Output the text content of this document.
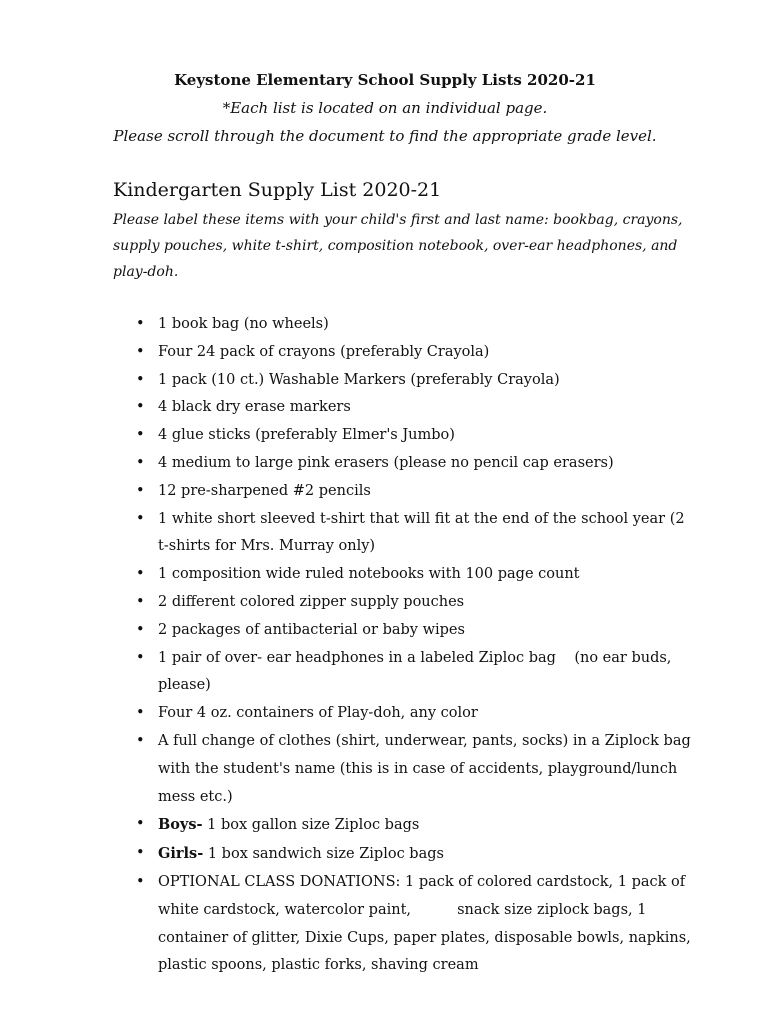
Keystone Elementary School Supply Lists 2020-21
*Each list is located on an individual page.
Please scroll through the document to find the appropriate grade level.
Kindergarten Supply List 2020-21

Please label these items with your child's first and last name: bookbag, crayons, supply pouches, white t-shirt, composition notebook, over-ear headphones, and play-doh.

• 1 book bag (no wheels)
• Four 24 pack of crayons (preferably Crayola)
• 1 pack (10 ct.) Washable Markers (preferably Crayola)
• 4 black dry erase markers
• 4 glue sticks (preferably Elmer's Jumbo)
• 4 medium to large pink erasers (please no pencil cap erasers)
• 12 pre-sharpened #2 pencils
• 1 white short sleeved t-shirt that will fit at the end of the school year (2 t-shirts for Mrs. Murray only)
• 1 composition wide ruled notebooks with 100 page count
• 2 different colored zipper supply pouches
• 2 packages of antibacterial or baby wipes
• 1 pair of over- ear headphones in a labeled Ziploc bag    (no ear buds, please)
• Four 4 oz. containers of Play-doh, any color
• A full change of clothes (shirt, underwear, pants, socks) in a Ziplock bag with the student's name (this is in case of accidents, playground/lunch mess etc.)
• Boys- 1 box gallon size Ziploc bags
• Girls- 1 box sandwich size Ziploc bags
• OPTIONAL CLASS DONATIONS: 1 pack of colored cardstock, 1 pack of white cardstock, watercolor paint,          snack size ziplock bags, 1 container of glitter, Dixie Cups, paper plates, disposable bowls, napkins, plastic spoons, plastic forks, shaving cream
